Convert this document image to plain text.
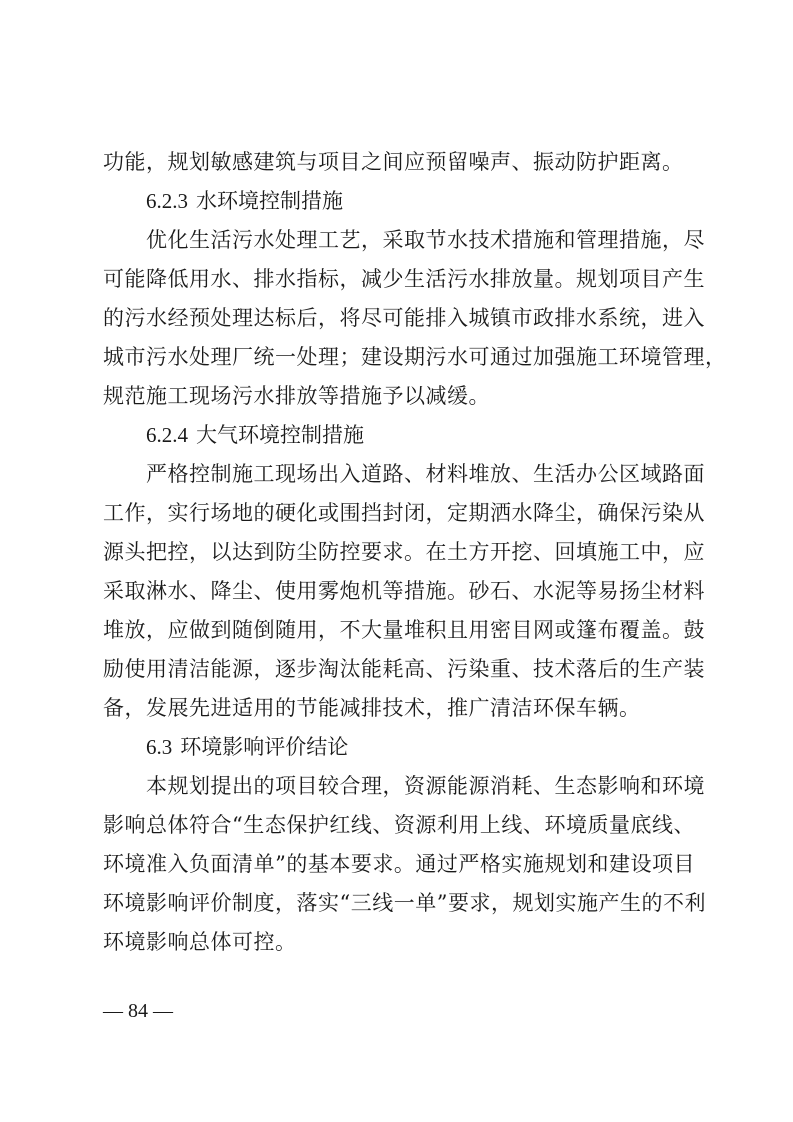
功能，规划敏感建筑与项目之间应预留噪声、振动防护距离。
6.2.3 水环境控制措施
优化生活污水处理工艺，采取节水技术措施和管理措施，尽
可能降低用水、排水指标，减少生活污水排放量。规划项目产生
的污水经预处理达标后，将尽可能排入城镇市政排水系统，进入
城市污水处理厂统一处理；建设期污水可通过加强施工环境管理，
规范施工现场污水排放等措施予以减缓。
6.2.4 大气环境控制措施
严格控制施工现场出入道路、材料堆放、生活办公区域路面
工作，实行场地的硬化或围挡封闭，定期洒水降尘，确保污染从
源头把控，以达到防尘防控要求。在土方开挖、回填施工中，应
采取淋水、降尘、使用雾炮机等措施。砂石、水泥等易扬尘材料
堆放，应做到随倒随用，不大量堆积且用密目网或篷布覆盖。鼓
励使用清洁能源，逐步淘汰能耗高、污染重、技术落后的生产装
备，发展先进适用的节能减排技术，推广清洁环保车辆。
6.3 环境影响评价结论
本规划提出的项目较合理，资源能源消耗、生态影响和环境
影响总体符合“生态保护红线、资源利用上线、环境质量底线、
环境准入负面清单”的基本要求。通过严格实施规划和建设项目
环境影响评价制度，落实“三线一单”要求，规划实施产生的不利
环境影响总体可控。
— 84 —
